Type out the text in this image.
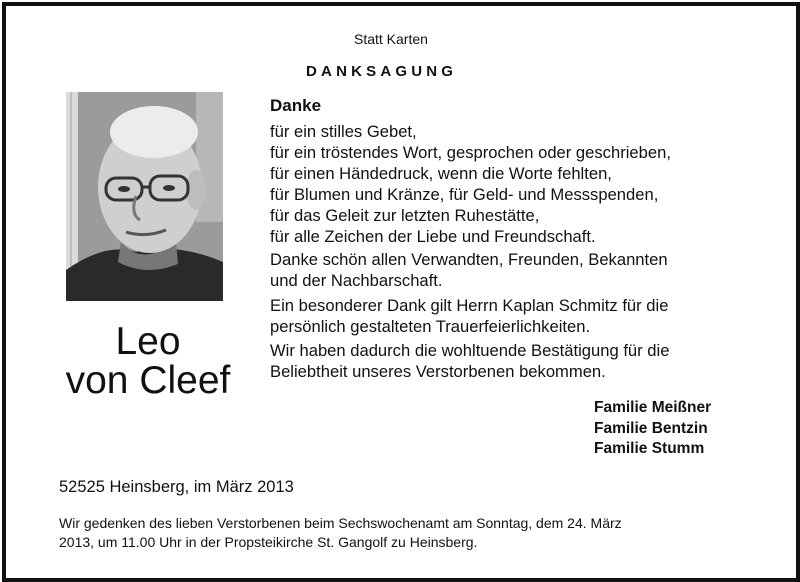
Statt Karten
DANKSAGUNG
Leo
von Cleef
Danke
für ein stilles Gebet,
für ein tröstendes Wort, gesprochen oder geschrieben,
für einen Händedruck, wenn die Worte fehlten,
für Blumen und Kränze, für Geld- und Messspenden,
für das Geleit zur letzten Ruhestätte,
für alle Zeichen der Liebe und Freundschaft.
Danke schön allen Verwandten, Freunden, Bekannten
und der Nachbarschaft.
Ein besonderer Dank gilt Herrn Kaplan Schmitz für die
persönlich gestalteten Trauerfeierlichkeiten.
Wir haben dadurch die wohltuende Bestätigung für die
Beliebtheit unseres Verstorbenen bekommen.
Familie Meißner
Familie Bentzin
Familie Stumm
52525 Heinsberg, im März 2013
Wir gedenken des lieben Verstorbenen beim Sechswochenamt am Sonntag, dem 24. März
2013, um 11.00 Uhr in der Propsteikirche St. Gangolf zu Heinsberg.
